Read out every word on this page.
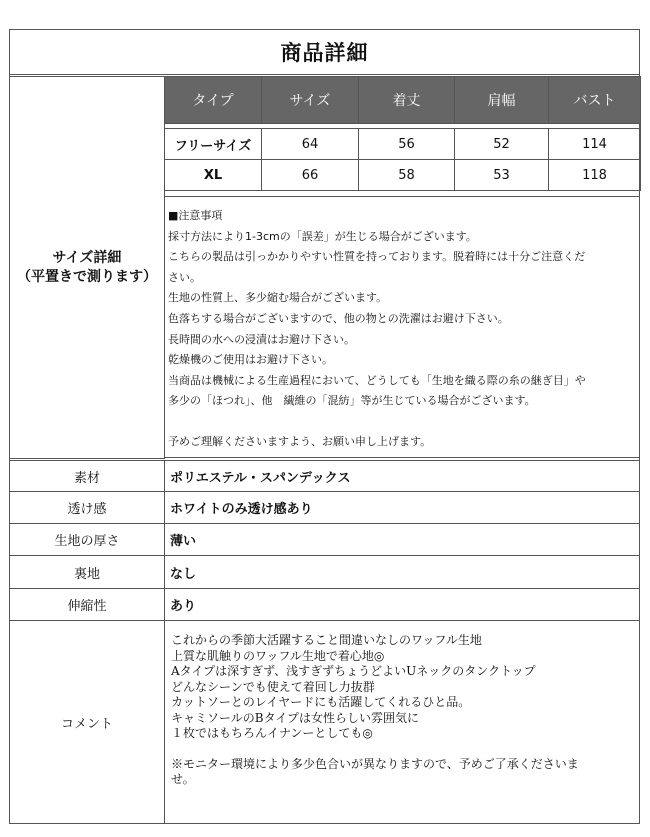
商品詳細
サイズ詳細
（平置きで測ります）
タイプ	サイズ	着丈	肩幅	バスト

フリーサイズ	64	56	52	114
XL	66	58	53	118

■注意事項

採寸方法により1-3cmの「誤差」が生じる場合がございます。

こちらの製品は引っかかりやすい性質を持っております。脱着時には十分ご注意くだ

さい。

生地の性質上、多少縮む場合がございます。

色落ちする場合がございますので、他の物との洗濯はお避け下さい。

長時間の水への浸漬はお避け下さい。

乾燥機のご使用はお避け下さい。

当商品は機械による生産過程において、どうしても「生地を織る際の糸の継ぎ目」や

多少の「ほつれ」、他　繊維の「混紡」等が生じている場合がございます。

予めご理解くださいますよう、お願い申し上げます。

素材	ポリエステル・スパンデックス
透け感	ホワイトのみ透け感あり
生地の厚さ	薄い
裏地	なし
伸縮性	あり
コメント

これからの季節大活躍すること間違いなしのワッフル生地

上質な肌触りのワッフル生地で着心地◎

Aタイプは深すぎず、浅すぎずちょうどよいUネックのタンクトップ

どんなシーンでも使えて着回し力抜群

カットソーとのレイヤードにも活躍してくれるひと品。

キャミソールのBタイプは女性らしい雰囲気に

１枚ではもちろんイナンーとしても◎

※モニター環境により多少色合いが異なりますので、予めご了承くださいま

せ。
